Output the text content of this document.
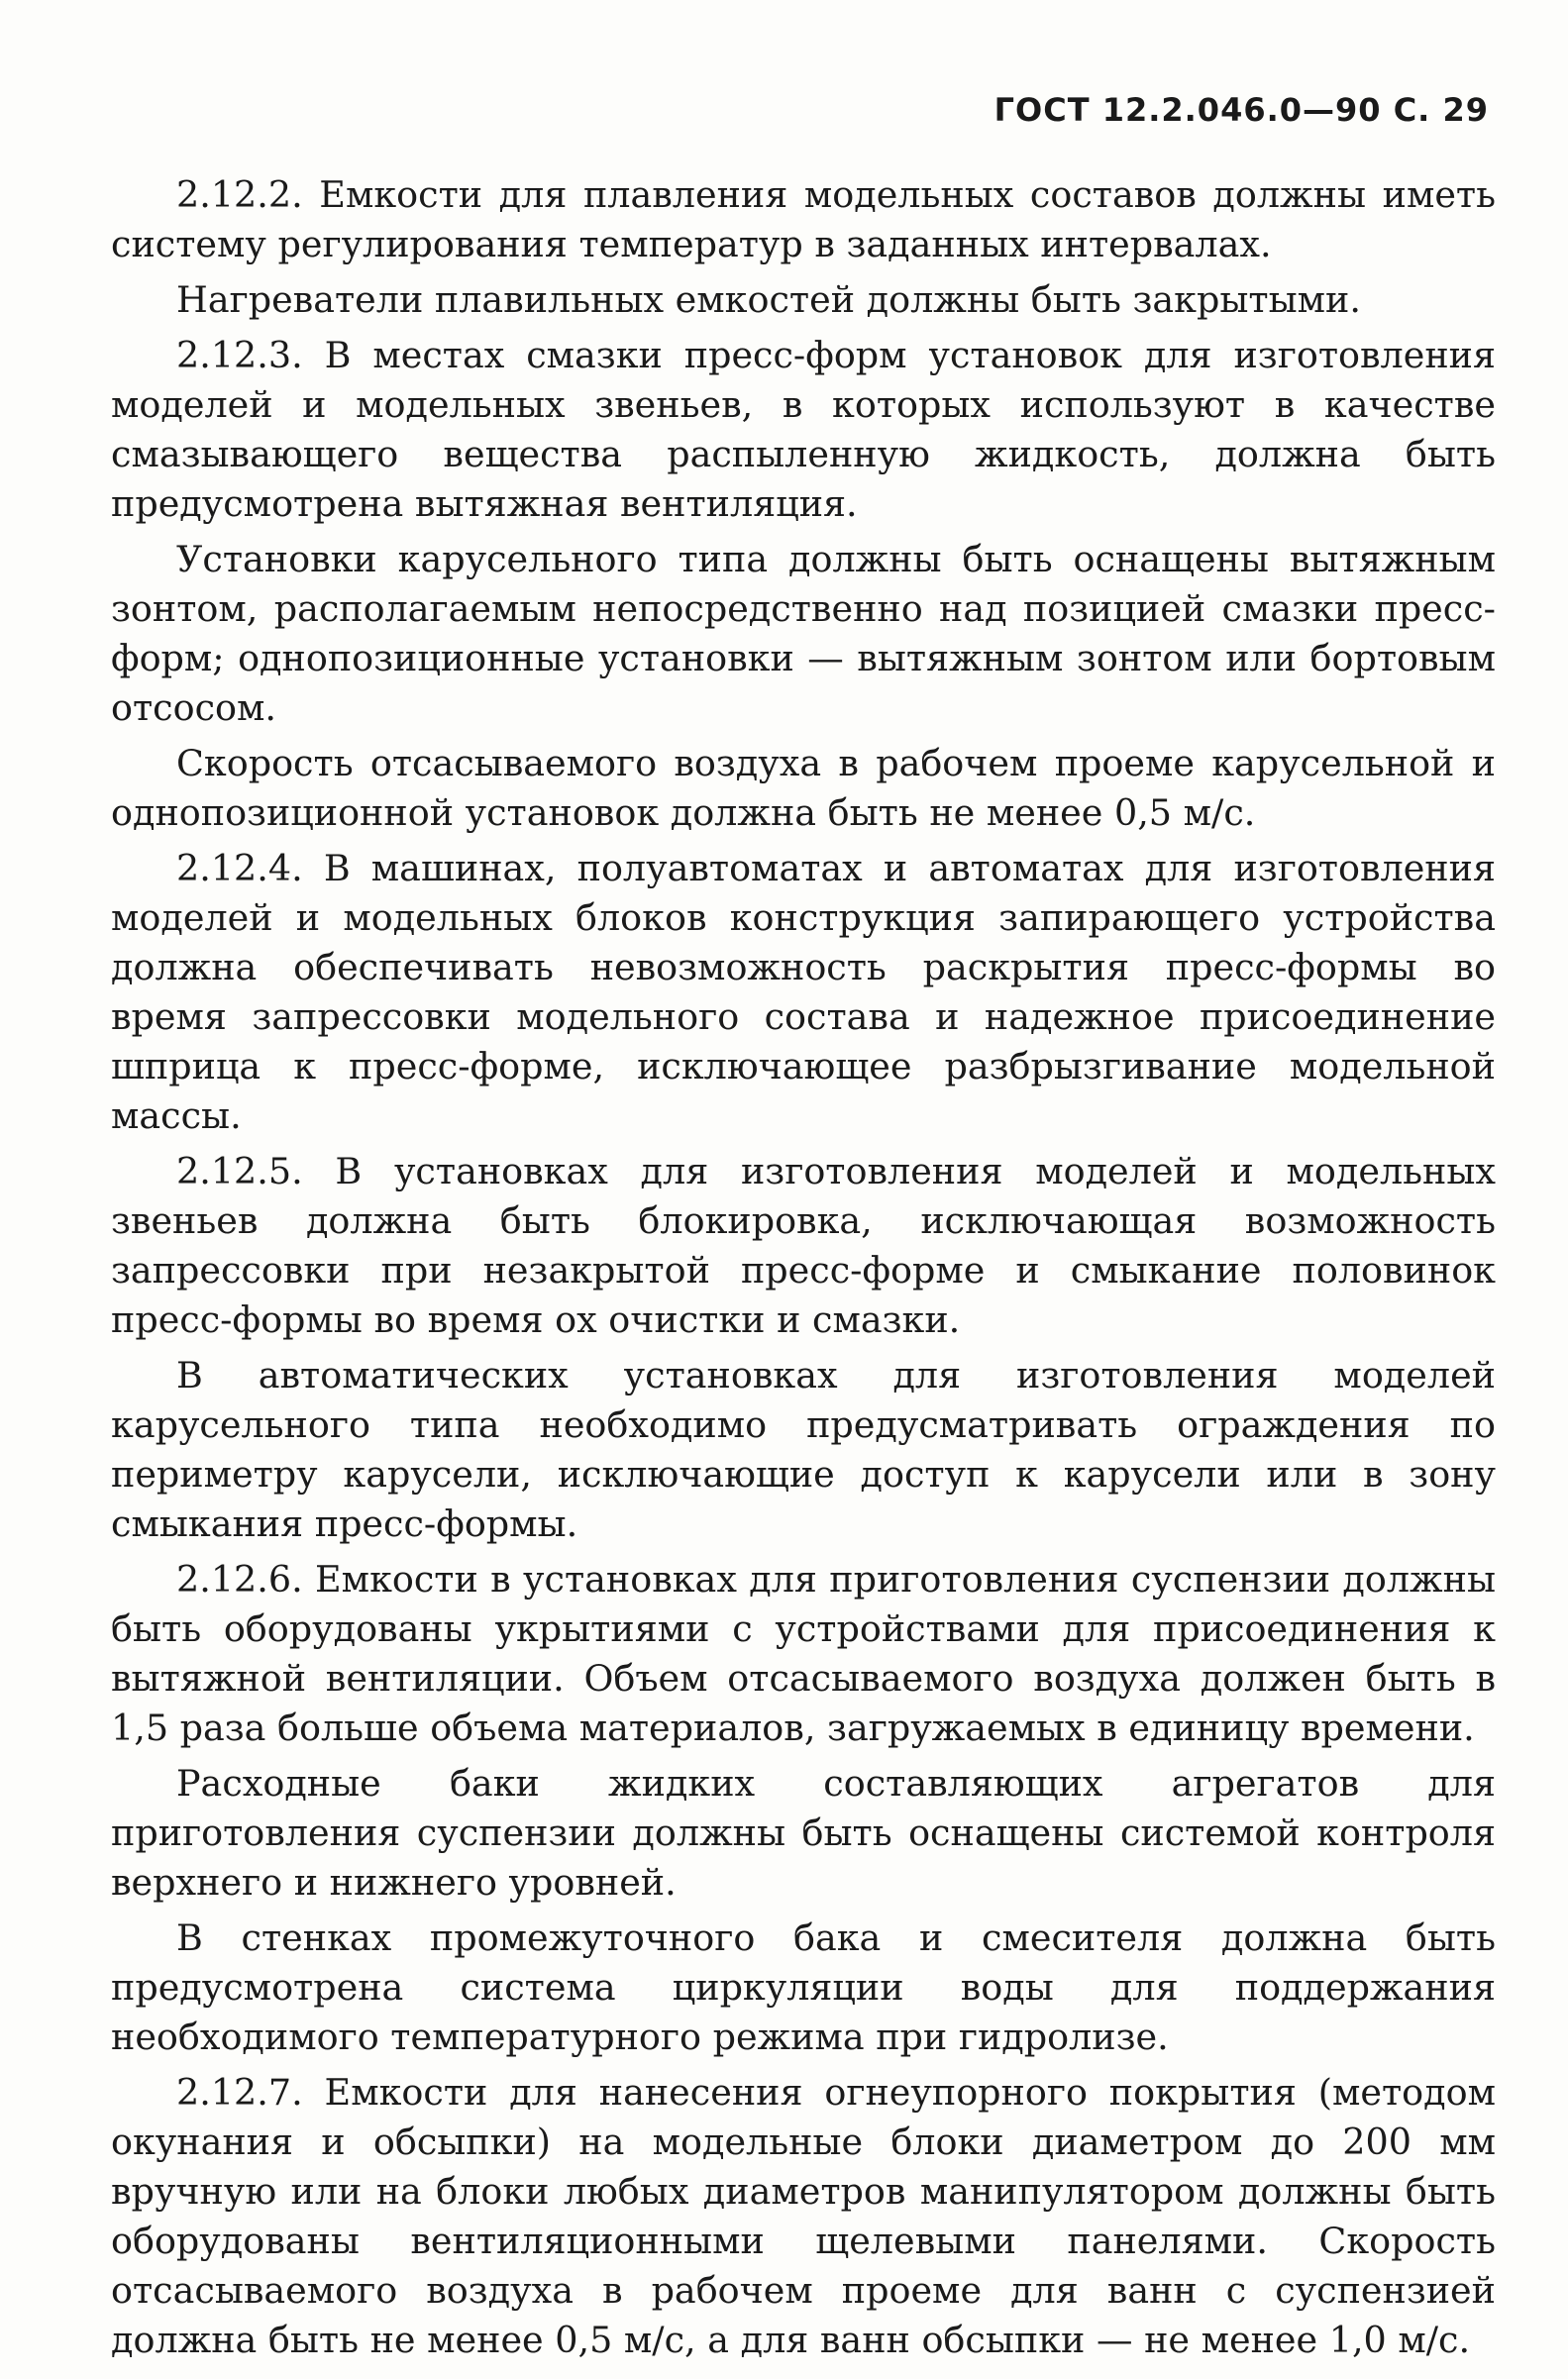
ГОСТ 12.2.046.0—90 С. 29

2.12.2. Емкости для плавления модельных составов должны иметь систему регулирования температур в заданных интервалах.

Нагреватели плавильных емкостей должны быть закрытыми.

2.12.3. В местах смазки пресс-форм установок для изготовления моделей и модельных звеньев, в которых используют в качестве смазывающего вещества распыленную жидкость, должна быть предусмотрена вытяжная вентиляция.

Установки карусельного типа должны быть оснащены вытяжным зонтом, располагаемым непосредственно над позицией смазки пресс-форм; однопозиционные установки — вытяжным зонтом или бортовым отсосом.

Скорость отсасываемого воздуха в рабочем проеме карусельной и однопозиционной установок должна быть не менее 0,5 м/с.

2.12.4. В машинах, полуавтоматах и автоматах для изготовления моделей и модельных блоков конструкция запирающего устройства должна обеспечивать невозможность раскрытия пресс-формы во время запрессовки модельного состава и надежное присоединение шприца к пресс-форме, исключающее разбрызгивание модельной массы.

2.12.5. В установках для изготовления моделей и модельных звеньев должна быть блокировка, исключающая возможность запрессовки при незакрытой пресс-форме и смыкание половинок пресс-формы во время ох очистки и смазки.

В автоматических установках для изготовления моделей карусельного типа необходимо предусматривать ограждения по периметру карусели, исключающие доступ к карусели или в зону смыкания пресс-формы.

2.12.6. Емкости в установках для приготовления суспензии должны быть оборудованы укрытиями с устройствами для присоединения к вытяжной вентиляции. Объем отсасываемого воздуха должен быть в 1,5 раза больше объема материалов, загружаемых в единицу времени.

Расходные баки жидких составляющих агрегатов для приготовления суспензии должны быть оснащены системой контроля верхнего и нижнего уровней.

В стенках промежуточного бака и смесителя должна быть предусмотрена система циркуляции воды для поддержания необходимого температурного режима при гидролизе.

2.12.7. Емкости для нанесения огнеупорного покрытия (методом окунания и обсыпки) на модельные блоки диаметром до 200 мм вручную или на блоки любых диаметров манипулятором должны быть оборудованы вентиляционными щелевыми панелями. Скорость отсасываемого воздуха в рабочем проеме для ванн с суспензией должна быть не менее 0,5 м/с, а для ванн обсыпки — не менее 1,0 м/с.
